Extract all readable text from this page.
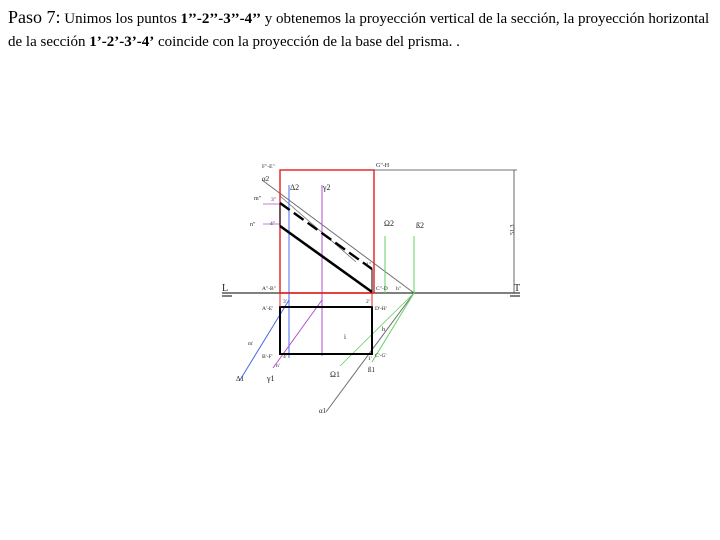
Paso 7: Unimos los puntos 1’’-2’’-3’’-4’’ y obtenemos la proyección vertical de la sección, la proyección horizontal de la sección 1’-2’-3’-4’ coincide con la proyección de la base del prisma. .
F"-E"	G"-H
α2
Δ2	γ2
m" 3"
n"	4"	Ω2	ß2	51,3
1"
A"-B"	C"-D h"
L	T
A'-E'
3'	2'
D'-H'
i
h
m'
B'-F' 4'
n'
1' C'-G'
Δ1	γ1	Ω1	ß1
α1
